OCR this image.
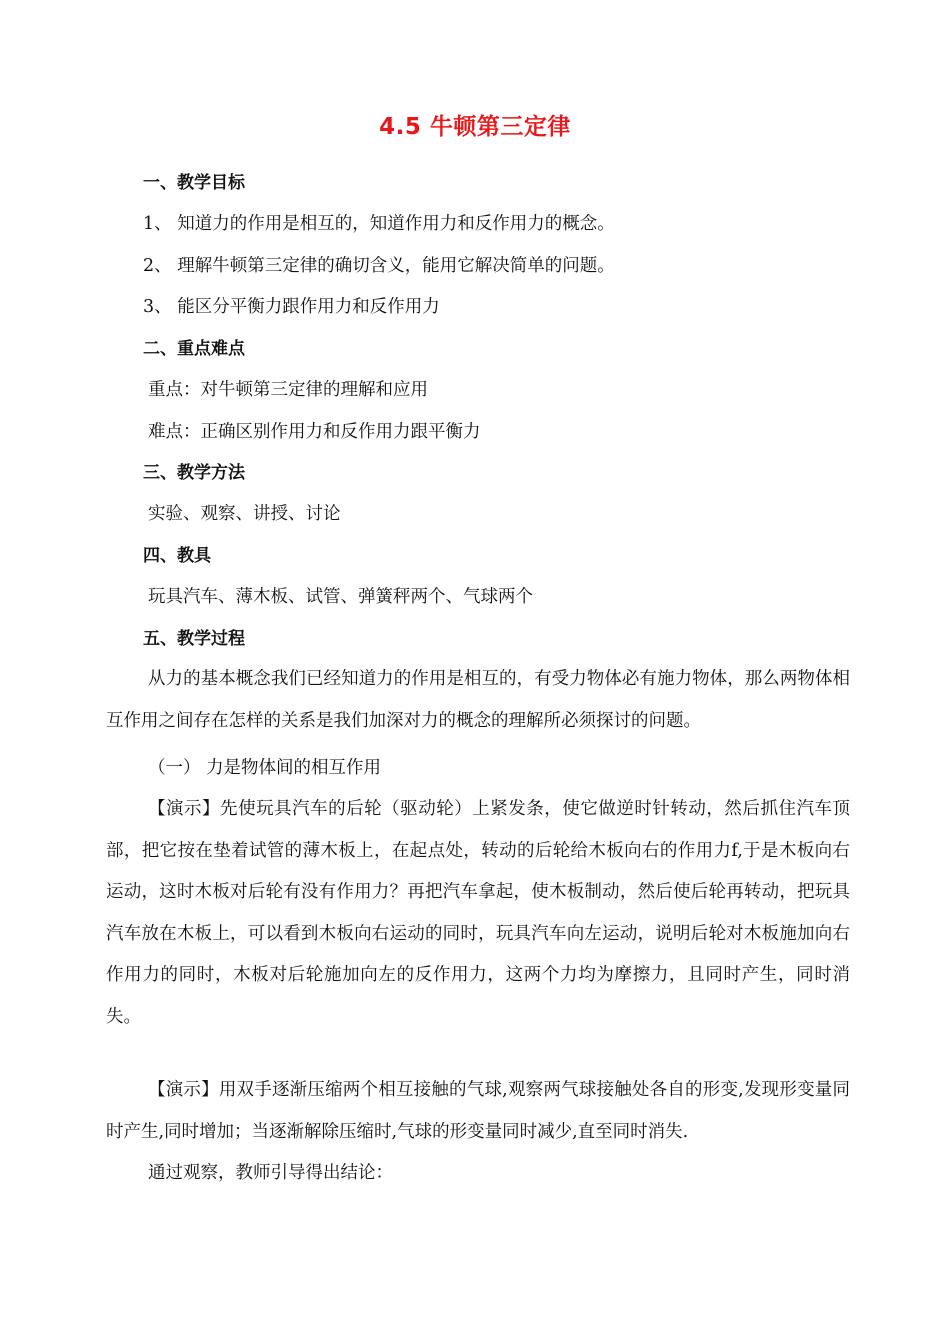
4.5 牛顿第三定律
一、教学目标
1、 知道力的作用是相互的，知道作用力和反作用力的概念。
2、 理解牛顿第三定律的确切含义，能用它解决简单的问题。
3、 能区分平衡力跟作用力和反作用力
二、重点难点
重点：对牛顿第三定律的理解和应用
难点：正确区别作用力和反作用力跟平衡力
三、教学方法
实验、观察、讲授、讨论
四、教具
玩具汽车、薄木板、试管、弹簧秤两个、气球两个
五、教学过程
从力的基本概念我们已经知道力的作用是相互的，有受力物体必有施力物体，那么两物体相互作用之间存在怎样的关系是我们加深对力的概念的理解所必须探讨的问题。
（一） 力是物体间的相互作用
【演示】先使玩具汽车的后轮（驱动轮）上紧发条，使它做逆时针转动，然后抓住汽车顶部，把它按在垫着试管的薄木板上，在起点处，转动的后轮给木板向右的作用力f,于是木板向右运动，这时木板对后轮有没有作用力？再把汽车拿起，使木板制动，然后使后轮再转动，把玩具汽车放在木板上，可以看到木板向右运动的同时，玩具汽车向左运动，说明后轮对木板施加向右作用力的同时，木板对后轮施加向左的反作用力，这两个力均为摩擦力，且同时产生，同时消失。
【演示】用双手逐渐压缩两个相互接触的气球,观察两气球接触处各自的形变,发现形变量同时产生,同时增加；当逐渐解除压缩时,气球的形变量同时减少,直至同时消失.
通过观察，教师引导得出结论：
